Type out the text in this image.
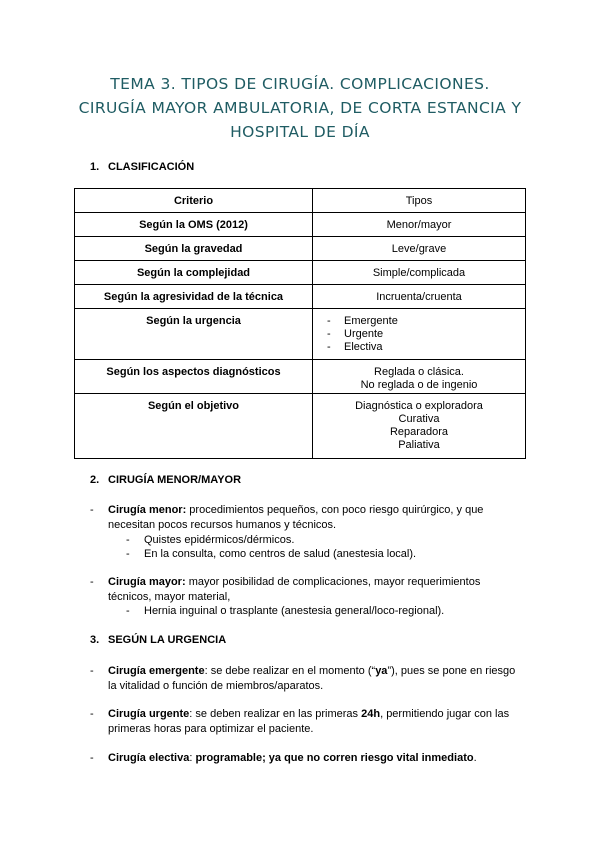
TEMA 3. TIPOS DE CIRUGÍA. COMPLICACIONES.
CIRUGÍA MAYOR AMBULATORIA, DE CORTA ESTANCIA Y
HOSPITAL DE DÍA
1. CLASIFICACIÓN
Criterio	Tipos

Según la OMS (2012)	Menor/mayor

Según la gravedad	Leve/grave

Según la complejidad	Simple/complicada

Según la agresividad de la técnica	Incruenta/cruenta

Según la urgencia	- Emergente
- Urgente
- Electiva

Según los aspectos diagnósticos	Reglada o clásica.
No reglada o de ingenio

Según el objetivo	Diagnóstica o exploradora
Curativa
Reparadora
Paliativa
2. CIRUGÍA MENOR/MAYOR
- Cirugía menor: procedimientos pequeños, con poco riesgo quirúrgico, y que
necesitan pocos recursos humanos y técnicos.
- Quistes epidérmicos/dérmicos.
- En la consulta, como centros de salud (anestesia local).
- Cirugía mayor: mayor posibilidad de complicaciones, mayor requerimientos
técnicos, mayor material,
- Hernia inguinal o trasplante (anestesia general/loco-regional).
3. SEGÚN LA URGENCIA
- Cirugía emergente: se debe realizar en el momento (“ya”), pues se pone en riesgo
la vitalidad o función de miembros/aparatos.
- Cirugía urgente: se deben realizar en las primeras 24h, permitiendo jugar con las
primeras horas para optimizar el paciente.
- Cirugía electiva: programable; ya que no corren riesgo vital inmediato.
